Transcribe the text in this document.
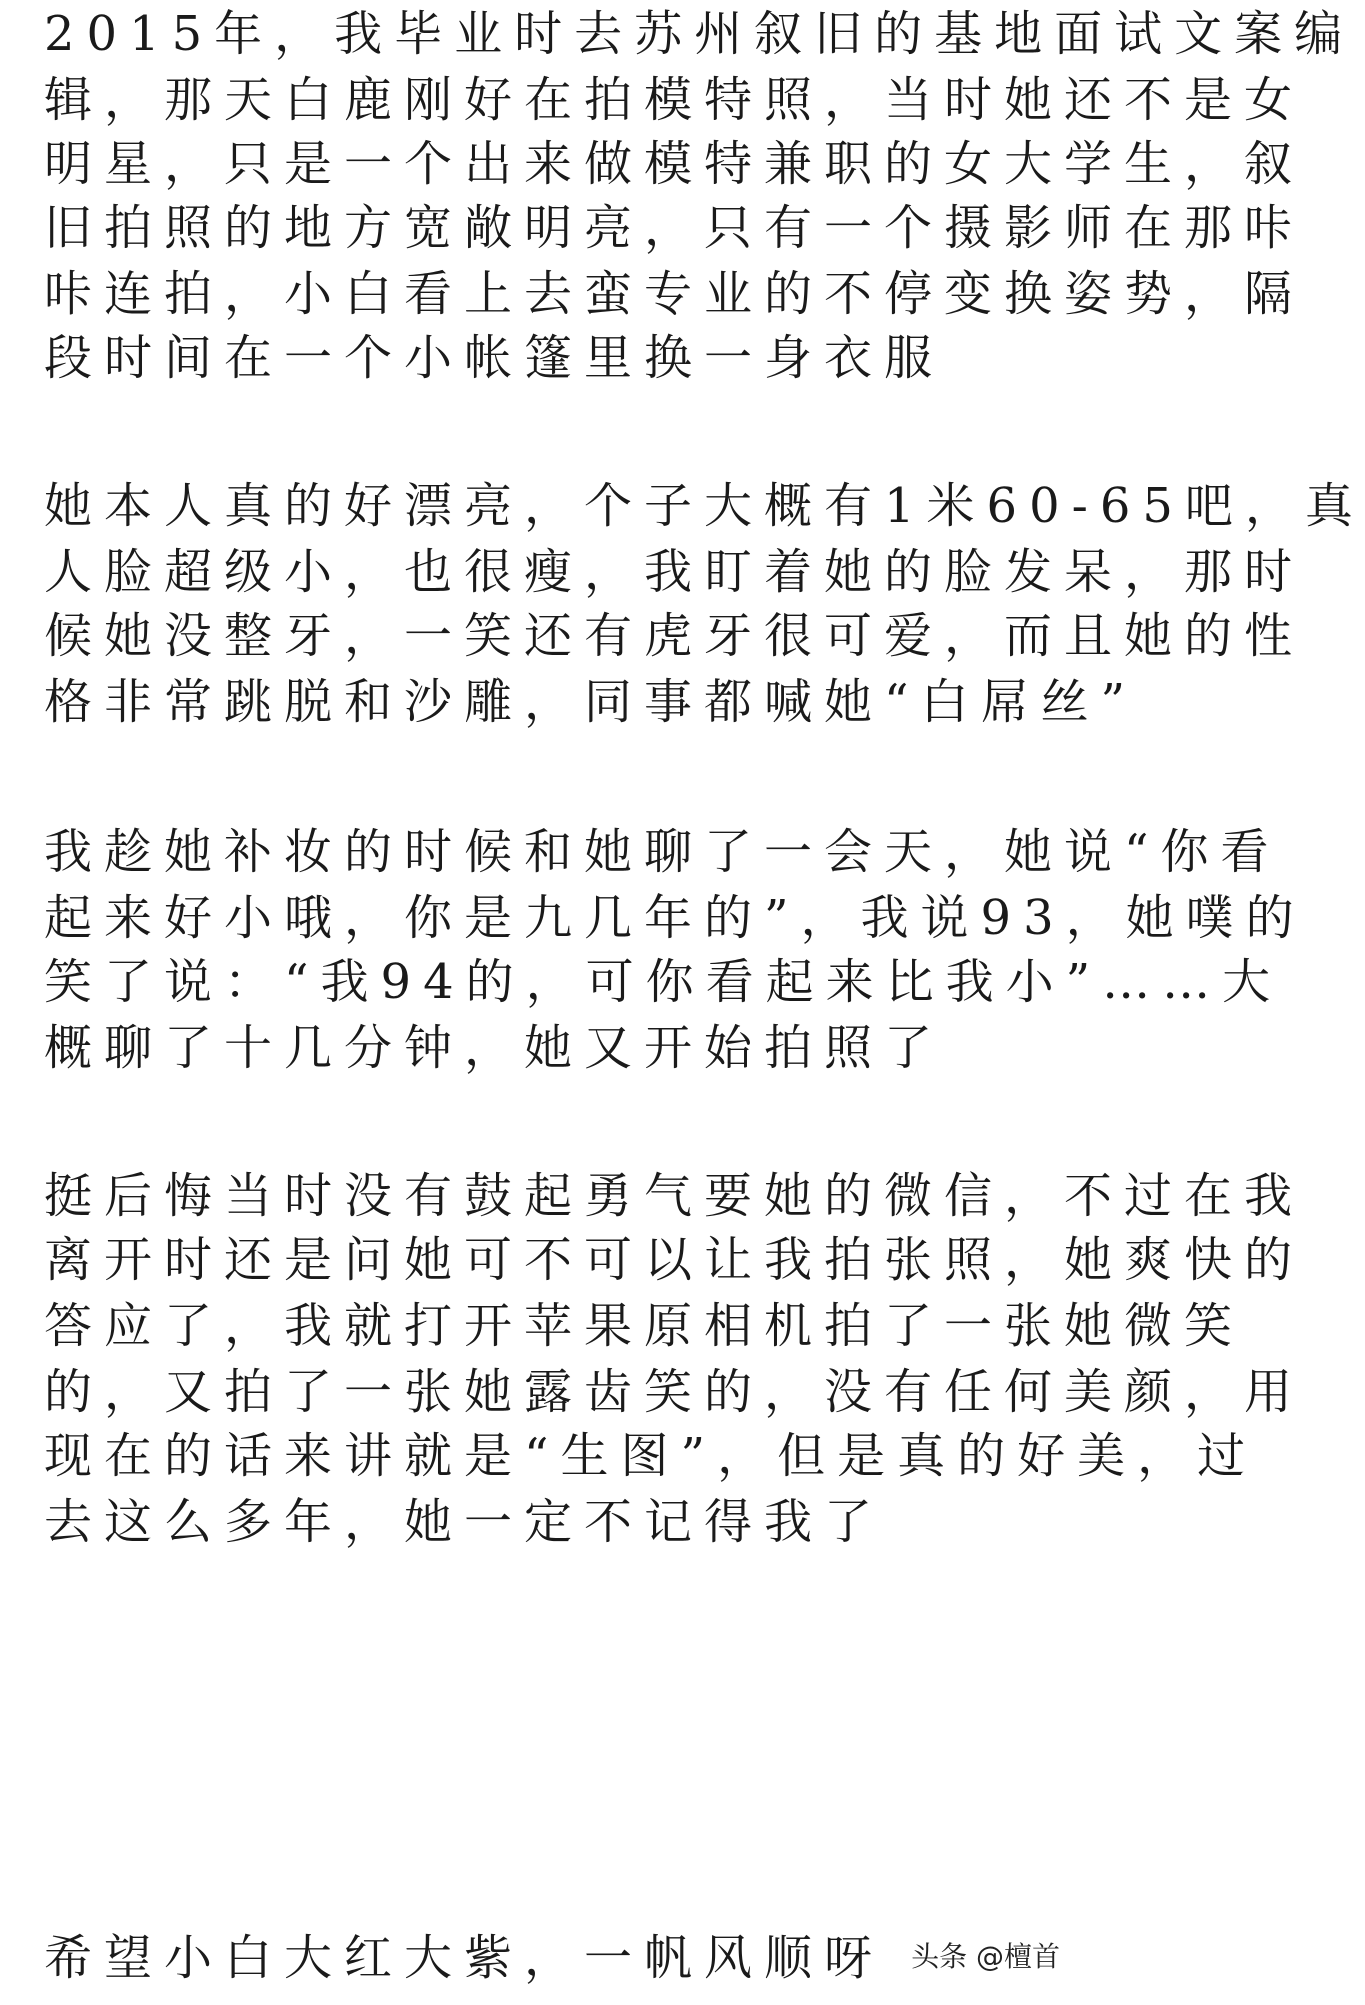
2015年，我毕业时去苏州叙旧的基地面试文案编
辑，那天白鹿刚好在拍模特照，当时她还不是女
明星，只是一个出来做模特兼职的女大学生，叙
旧拍照的地方宽敞明亮，只有一个摄影师在那咔
咔连拍，小白看上去蛮专业的不停变换姿势，隔
段时间在一个小帐篷里换一身衣服
她本人真的好漂亮，个子大概有1米60-65吧，真
人脸超级小，也很瘦，我盯着她的脸发呆，那时
候她没整牙，一笑还有虎牙很可爱，而且她的性
格非常跳脱和沙雕，同事都喊她“白屌丝”
我趁她补妆的时候和她聊了一会天，她说“你看
起来好小哦，你是九几年的”，我说93，她噗的
笑了说：“我94的，可你看起来比我小”……大
概聊了十几分钟，她又开始拍照了
挺后悔当时没有鼓起勇气要她的微信，不过在我
离开时还是问她可不可以让我拍张照，她爽快的
答应了，我就打开苹果原相机拍了一张她微笑
的，又拍了一张她露齿笑的，没有任何美颜，用
现在的话来讲就是“生图”，但是真的好美，过
去这么多年，她一定不记得我了
希望小白大红大紫，一帆风顺呀 头条 @檀首
